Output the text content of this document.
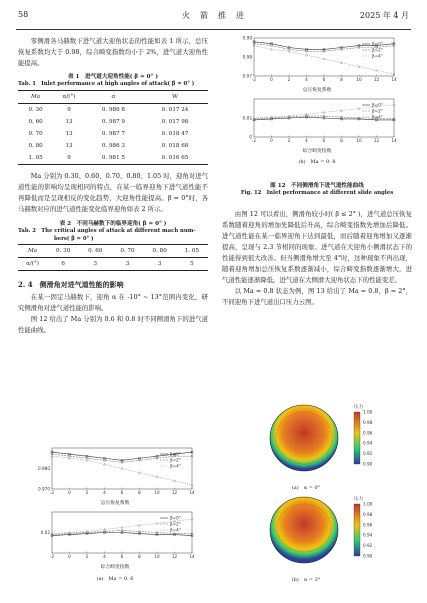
58	火　箭　推　进	2025 年 4 月

零侧滑各马赫数下进气道大迎角状态的性能如表 1 所示，总压恢复系数均大于 0.98，综合畸变指数均小于 2%，进气道大迎角性能提高。

表 1　进气道大迎角性能( β = 0° )
Tab. 1　Inlet performance at high angles of attack( β = 0° )
Ma	α/(°)	σ	W
0. 30	9	0. 986 8	0. 017 24
0. 60	13	0. 987 9	0. 017 98
0. 70	13	0. 987 7	0. 018 47
0. 80	13	0. 986 3	0. 018 68
1. 05	9	0. 981 5	0. 016 65

Ma 分别为 0.30、0.60、0.70、0.80、1.05 时，迎角对进气道性能的影响均呈现相同的特点，在某一临界迎角下进气道性能不再降低而是呈现相反的变化趋势，大迎角性能提高。β = 0°时，各马赫数对应的进气道性能变化临界迎角如表 2 所示。

表 2　不同马赫数下的临界迎角( β = 0° )
Tab. 2　The critical angles of attack at different mach num-
bers( β = 0° )
Ma	0. 30	0. 60	0. 70	0. 80	1. 05
α/(°)	6	3	3	3	5
2. 4　侧滑角对进气道性能的影响

在某一固定马赫数下，迎角 α 在 -10° ~ 13°范围内变化，研究侧滑角对进气道性能的影响。

图 12 给出了 Ma 分别为 0.6 和 0.8 时不同侧滑角下的进气道性能曲线。

-2	0	2	4	6	8	10	12	14
0.980
0.970
β=0°
β=2°
β=4°
总压恢复系数
-2	0	2	4	6	8	10	12	14
0.02
β=0°
β=2°
β=4°
综合畸变指数
(a)　Ma = 0. 6
-2	0	2	4	6	8	10	12	14
0.99
0.98
0.97
β=0°
β=2°
β=4°
总压恢复系数
-2	0	2	4	6	8	10	12	14
0.02
0
β=0°
β=2°
β=4°
综合畸变指数
(b)　Ma = 0. 8
图 12　不同侧滑角下进气道性能曲线
Fig. 12　Inlet performance at different slide angles

由图 12 可以看出，侧滑角较小时( β ≤ 2° )，进气道总压恢复系数随着迎角的增加先降低后升高，综合畸变指数先增加后降低。进气道性能在某一临界迎角下达到最低，而后随着迎角增加又逐渐提高，呈现与 2.3 节相同的现象。进气道在大迎角小侧滑状态下的性能得到很大改善。但当侧滑角增大至 4°时，这种现象不再出现，随着迎角增加总压恢复系数逐渐减小，综合畸变指数逐渐增大，进气道性能逐渐降低。进气道在大侧滑大迎角状态下的性能变差。

以 Ma = 0.8 状态为例，图 13 给出了 Ma = 0.8，β = 2°，不同迎角下进气道出口压力云图。

压力
1.00
0.98
0.96
0.94
0.92
0.90
(a)　α = 0°
压力
1.00
0.98
0.96
0.94
0.92
0.90
(b)　α = 3°
